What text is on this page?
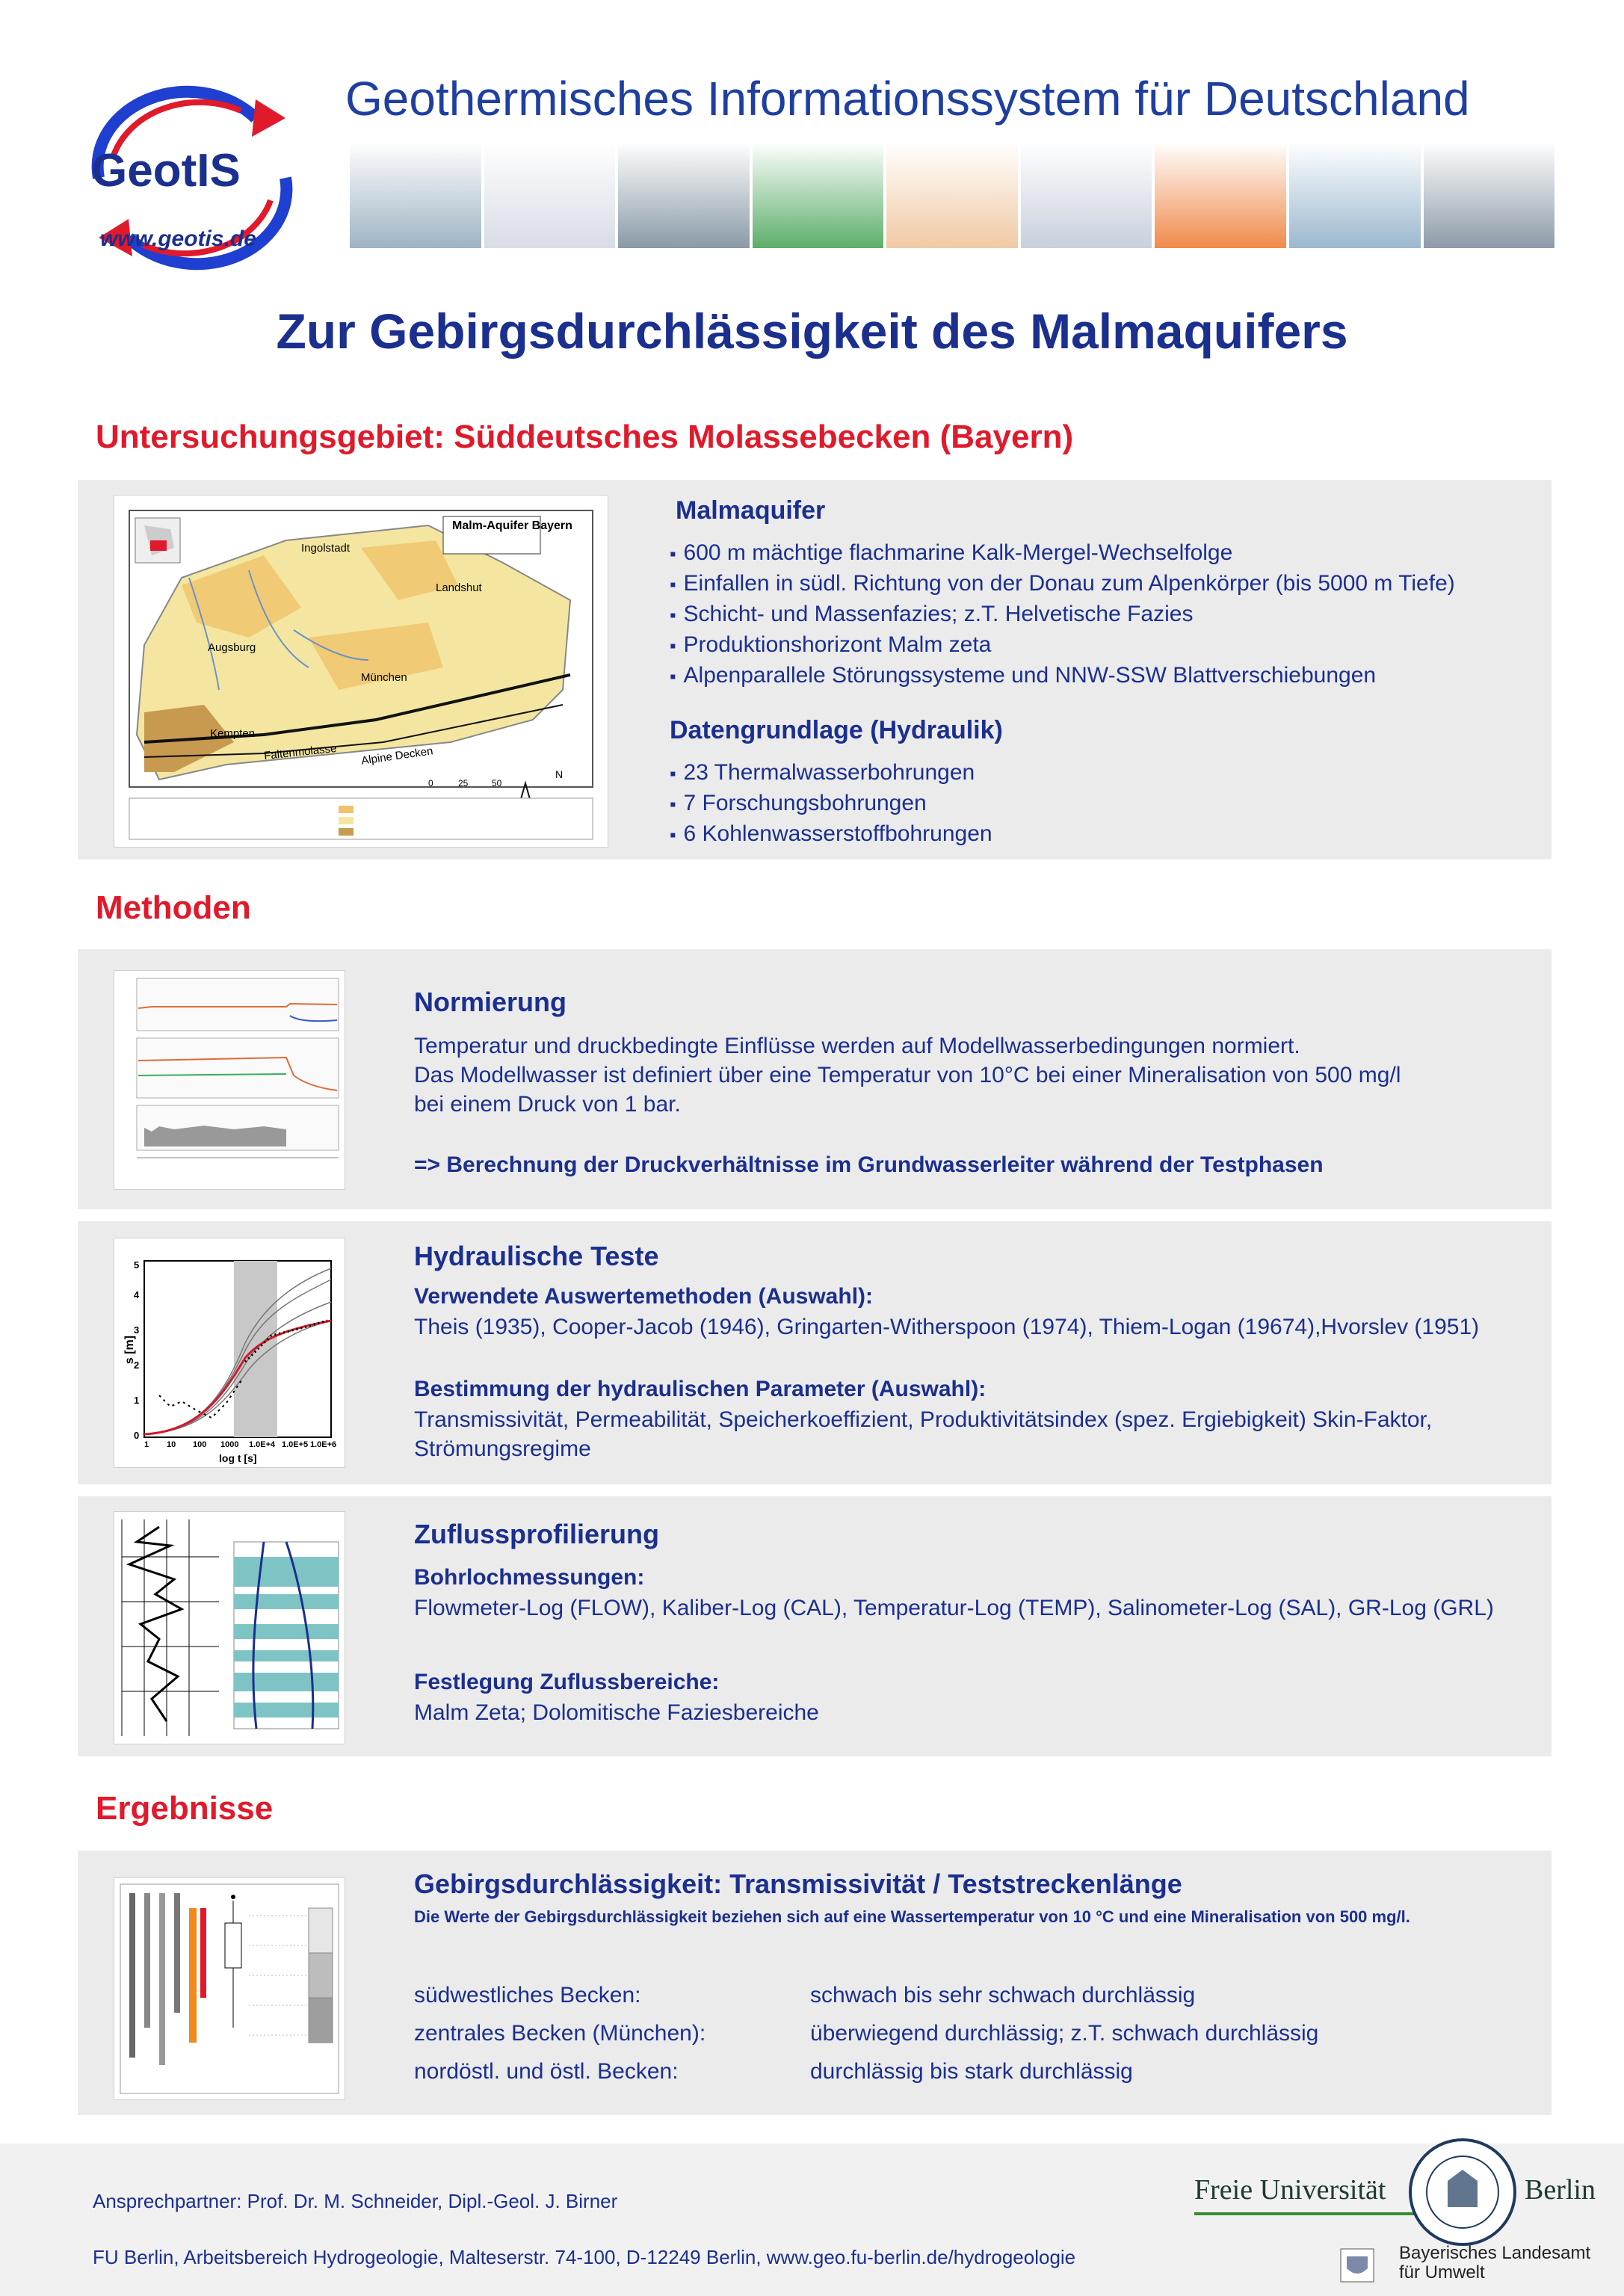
GeotIS
www.geotis.de
Geothermisches Informationssystem für Deutschland
Zur Gebirgsdurchlässigkeit des Malmaquifers
Untersuchungsgebiet: Süddeutsches Molassebecken (Bayern)
Malm-Aquifer Bayern
Ingolstadt
Landshut
Augsburg
München
Kempten
Faltenmolasse Alpine Decken
N
0	25	50
Malmaquifer
▪ 600 m mächtige flachmarine Kalk-Mergel-Wechselfolge
▪ Einfallen in südl. Richtung von der Donau zum Alpenkörper (bis 5000 m Tiefe)
▪ Schicht- und Massenfazies; z.T. Helvetische Fazies
▪ Produktionshorizont Malm zeta
▪ Alpenparallele Störungssysteme und NNW-SSW Blattverschiebungen
Datengrundlage (Hydraulik)
▪ 23 Thermalwasserbohrungen
▪ 7 Forschungsbohrungen
▪ 6 Kohlenwasserstoffbohrungen
Methoden
Normierung
Temperatur und druckbedingte Einflüsse werden auf Modellwasserbedingungen normiert.
Das Modellwasser ist definiert über eine Temperatur von 10°C bei einer Mineralisation von 500 mg/l
bei einem Druck von 1 bar.
=> Berechnung der Druckverhältnisse im Grundwasserleiter während der Testphasen
s [m]
log t [s]
0
1
2
3
4
5
1 10 100 1000 1.0E+4 1.0E+5 1.0E+6
Hydraulische Teste
Verwendete Auswertemethoden (Auswahl):
Theis (1935), Cooper-Jacob (1946), Gringarten-Witherspoon (1974), Thiem-Logan (19674),Hvorslev (1951)
Bestimmung der hydraulischen Parameter (Auswahl):
Transmissivität, Permeabilität, Speicherkoeffizient, Produktivitätsindex (spez. Ergiebigkeit) Skin-Faktor, Strömungsregime
Zuflussprofilierung
Bohrlochmessungen:
Flowmeter-Log (FLOW), Kaliber-Log (CAL), Temperatur-Log (TEMP), Salinometer-Log (SAL), GR-Log (GRL)
Festlegung Zuflussbereiche:
Malm Zeta; Dolomitische Faziesbereiche
Ergebnisse
Gebirgsdurchlässigkeit: Transmissivität / Teststreckenlänge
Die Werte der Gebirgsdurchlässigkeit beziehen sich auf eine Wassertemperatur von 10 °C und eine Mineralisation von 500 mg/l.
südwestliches Becken:	schwach bis sehr schwach durchlässig
zentrales Becken (München):	überwiegend durchlässig; z.T. schwach durchlässig
nordöstl. und östl. Becken:	durchlässig bis stark durchlässig
Ansprechpartner: Prof. Dr. M. Schneider, Dipl.-Geol. J. Birner
FU Berlin, Arbeitsbereich Hydrogeologie, Malteserstr. 74-100, D-12249 Berlin, www.geo.fu-berlin.de/hydrogeologie
Freie Universität	Berlin
Bayerisches Landesamt
für Umwelt
